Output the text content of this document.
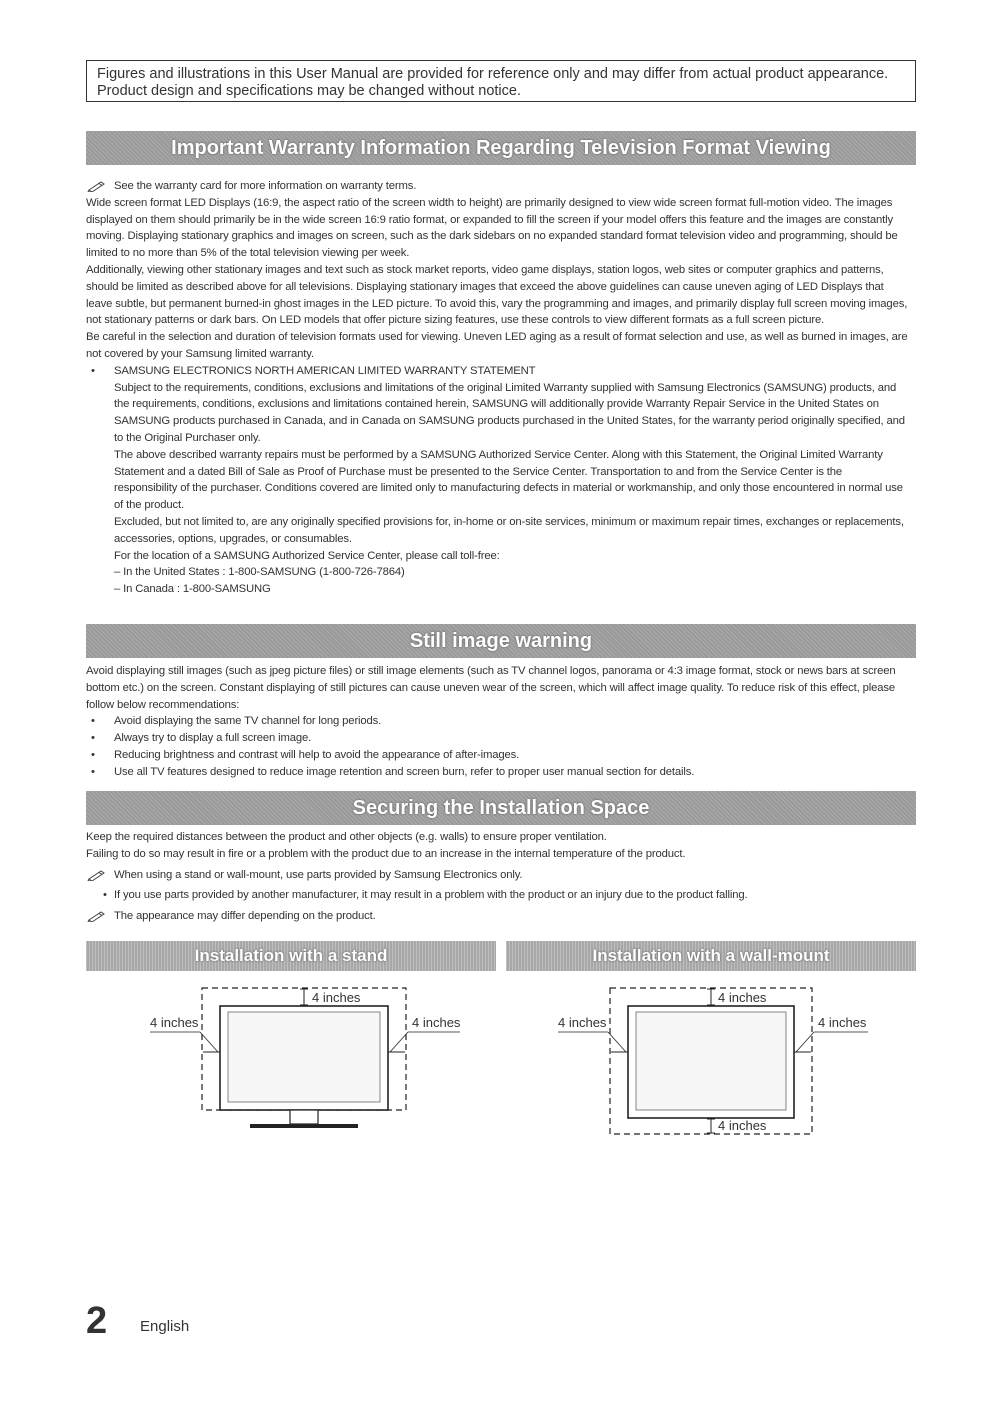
Figures and illustrations in this User Manual are provided for reference only and may differ from actual product appearance.
Product design and specifications may be changed without notice.
Important Warranty Information Regarding Television Format Viewing

See the warranty card for more information on warranty terms.

Wide screen format LED Displays (16:9, the aspect ratio of the screen width to height) are primarily designed to view wide screen format full-motion video. The images displayed on them should primarily be in the wide screen 16:9 ratio format, or expanded to fill the screen if your model offers this feature and the images are constantly moving. Displaying stationary graphics and images on screen, such as the dark sidebars on no expanded standard format television video and programming, should be limited to no more than 5% of the total television viewing per week.

Additionally, viewing other stationary images and text such as stock market reports, video game displays, station logos, web sites or computer graphics and patterns, should be limited as described above for all televisions. Displaying stationary images that exceed the above guidelines can cause uneven aging of LED Displays that leave subtle, but permanent burned-in ghost images in the LED picture. To avoid this, vary the programming and images, and primarily display full screen moving images, not stationary patterns or dark bars. On LED models that offer picture sizing features, use these controls to view different formats as a full screen picture.

Be careful in the selection and duration of television formats used for viewing. Uneven LED aging as a result of format selection and use, as well as burned in images, are not covered by your Samsung limited warranty.

• SAMSUNG ELECTRONICS NORTH AMERICAN LIMITED WARRANTY STATEMENT

Subject to the requirements, conditions, exclusions and limitations of the original Limited Warranty supplied with Samsung Electronics (SAMSUNG) products, and the requirements, conditions, exclusions and limitations contained herein, SAMSUNG will additionally provide Warranty Repair Service in the United States on SAMSUNG products purchased in Canada, and in Canada on SAMSUNG products purchased in the United States, for the warranty period originally specified, and to the Original Purchaser only.

The above described warranty repairs must be performed by a SAMSUNG Authorized Service Center. Along with this Statement, the Original Limited Warranty Statement and a dated Bill of Sale as Proof of Purchase must be presented to the Service Center. Transportation to and from the Service Center is the responsibility of the purchaser. Conditions covered are limited only to manufacturing defects in material or workmanship, and only those encountered in normal use of the product.

Excluded, but not limited to, are any originally specified provisions for, in-home or on-site services, minimum or maximum repair times, exchanges or replacements, accessories, options, upgrades, or consumables.

For the location of a SAMSUNG Authorized Service Center, please call toll-free:

– In the United States : 1-800-SAMSUNG (1-800-726-7864)

– In Canada : 1-800-SAMSUNG

Still image warning

Avoid displaying still images (such as jpeg picture files) or still image elements (such as TV channel logos, panorama or 4:3 image format, stock or news bars at screen bottom etc.) on the screen. Constant displaying of still pictures can cause uneven wear of the screen, which will affect image quality. To reduce risk of this effect, please follow below recommendations:

• Avoid displaying the same TV channel for long periods.

• Always try to display a full screen image.

• Reducing brightness and contrast will help to avoid the appearance of after-images.

• Use all TV features designed to reduce image retention and screen burn, refer to proper user manual section for details.

Securing the Installation Space

Keep the required distances between the product and other objects (e.g. walls) to ensure proper ventilation.

Failing to do so may result in fire or a problem with the product due to an increase in the internal temperature of the product.

When using a stand or wall-mount, use parts provided by Samsung Electronics only.

• If you use parts provided by another manufacturer, it may result in a problem with the product or an injury due to the product falling.

The appearance may differ depending on the product.

Installation with a stand	Installation with a wall-mount
4 inches
4 inches	4 inches
4 inches
4 inches
4 inches	4 inches
2 English
